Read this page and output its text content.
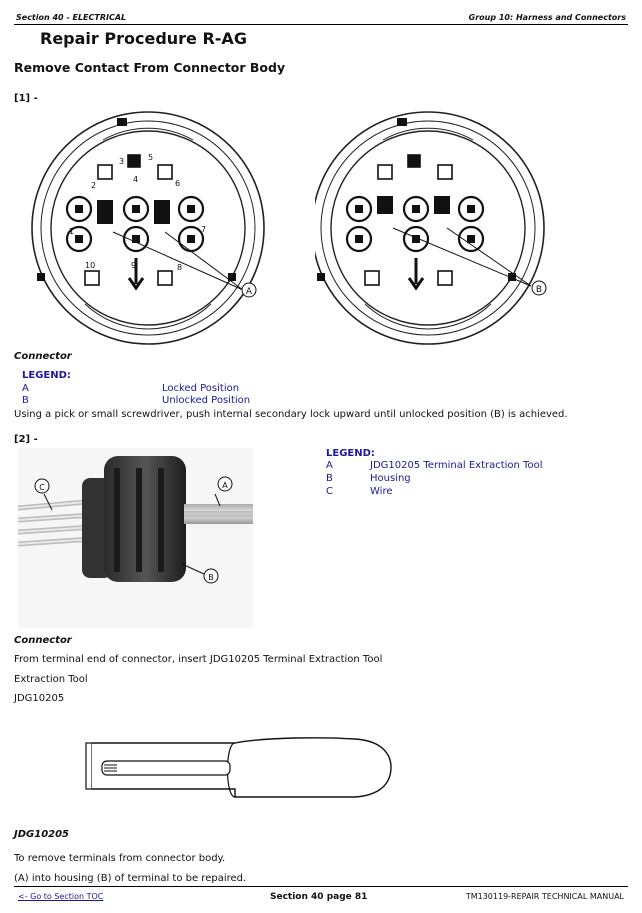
Section 40 - ELECTRICAL	Group 10: Harness and Connectors
Repair Procedure R-AG
Remove Contact From Connector Body
[1] -
A
1
2
3
4
5
6
7
8
9
10
B
Connector
LEGEND:
A	Locked Position
B	Unlocked Position
Using a pick or small screwdriver, push internal secondary lock upward until unlocked position (B) is achieved.
[2] -
A
B
C
LEGEND:
A	JDG10205 Terminal Extraction Tool
B	Housing
C	Wire
Connector
From terminal end of connector, insert JDG10205 Terminal Extraction Tool
Extraction Tool
JDG10205
JDG10205
To remove terminals from connector body.
(A) into housing (B) of terminal to be repaired.
<- Go to Section TOC	Section 40 page 81	TM130119-REPAIR TECHNICAL MANUAL
